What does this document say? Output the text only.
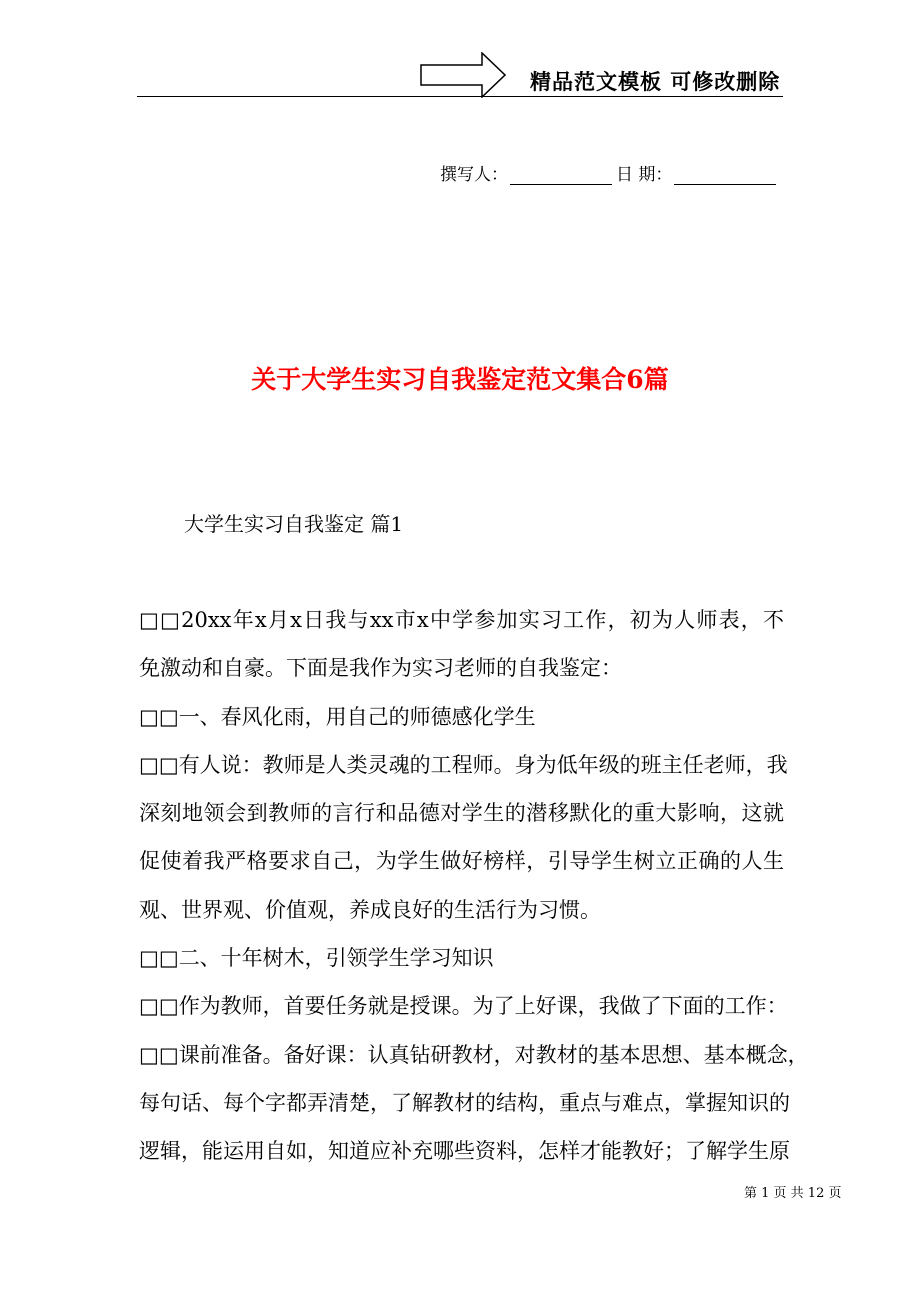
精品范文模板 可修改删除
撰写人：	日 期：
关于大学生实习自我鉴定范文集合6篇
大学生实习自我鉴定 篇1
□□20xx年x月x日我与xx市x中学参加实习工作，初为人师表，不
免激动和自豪。下面是我作为实习老师的自我鉴定：
□□一、春风化雨，用自己的师德感化学生
□□有人说：教师是人类灵魂的工程师。身为低年级的班主任老师，我
深刻地领会到教师的言行和品德对学生的潜移默化的重大影响，这就
促使着我严格要求自己，为学生做好榜样，引导学生树立正确的人生
观、世界观、价值观，养成良好的生活行为习惯。
□□二、十年树木，引领学生学习知识
□□作为教师，首要任务就是授课。为了上好课，我做了下面的工作：
□□课前准备。备好课：认真钻研教材，对教材的基本思想、基本概念，
每句话、每个字都弄清楚，了解教材的结构，重点与难点，掌握知识的
逻辑，能运用自如，知道应补充哪些资料，怎样才能教好；了解学生原
第 1 页 共 12 页
